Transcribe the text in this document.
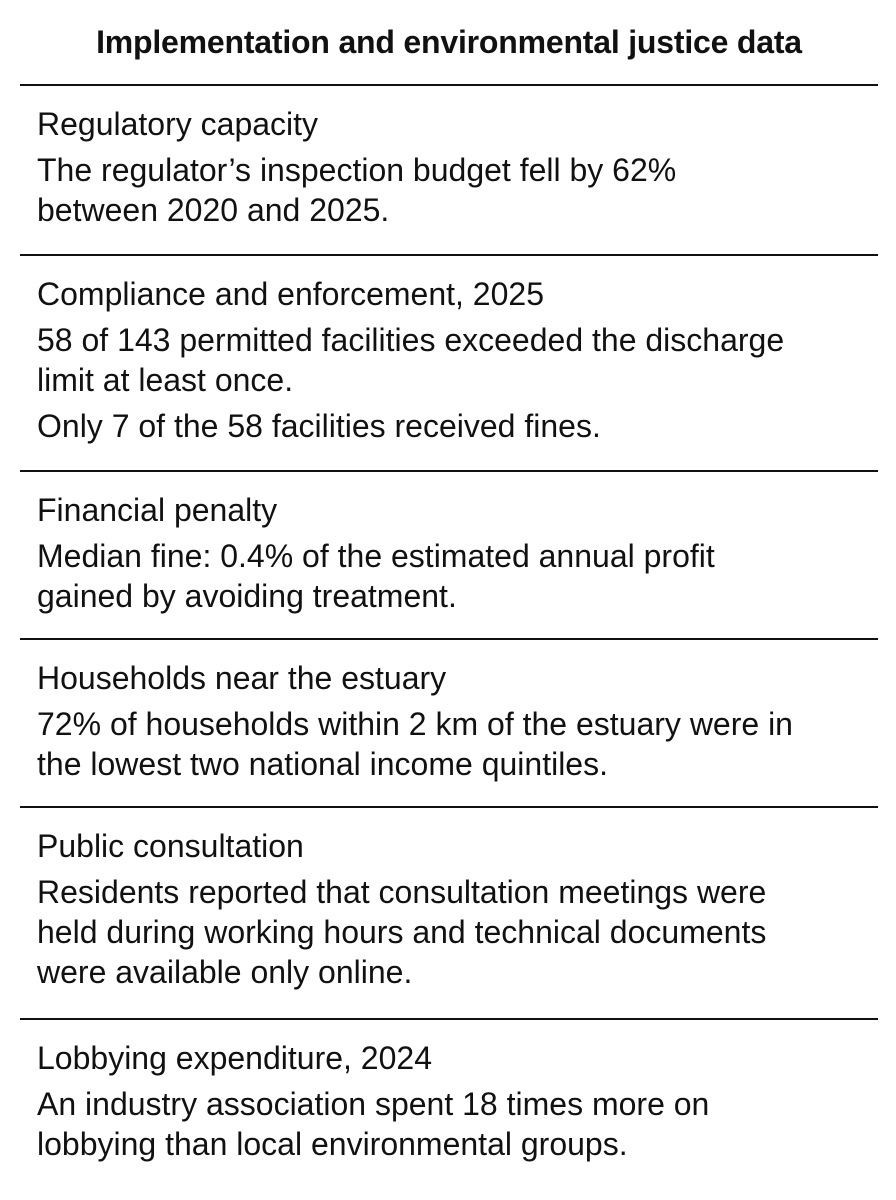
Implementation and environmental justice data
Regulatory capacity
The regulator’s inspection budget fell by 62%
between 2020 and 2025.
Compliance and enforcement, 2025
58 of 143 permitted facilities exceeded the discharge
limit at least once.
Only 7 of the 58 facilities received fines.
Financial penalty
Median fine: 0.4% of the estimated annual profit
gained by avoiding treatment.
Households near the estuary
72% of households within 2 km of the estuary were in
the lowest two national income quintiles.
Public consultation
Residents reported that consultation meetings were
held during working hours and technical documents
were available only online.
Lobbying expenditure, 2024
An industry association spent 18 times more on
lobbying than local environmental groups.
